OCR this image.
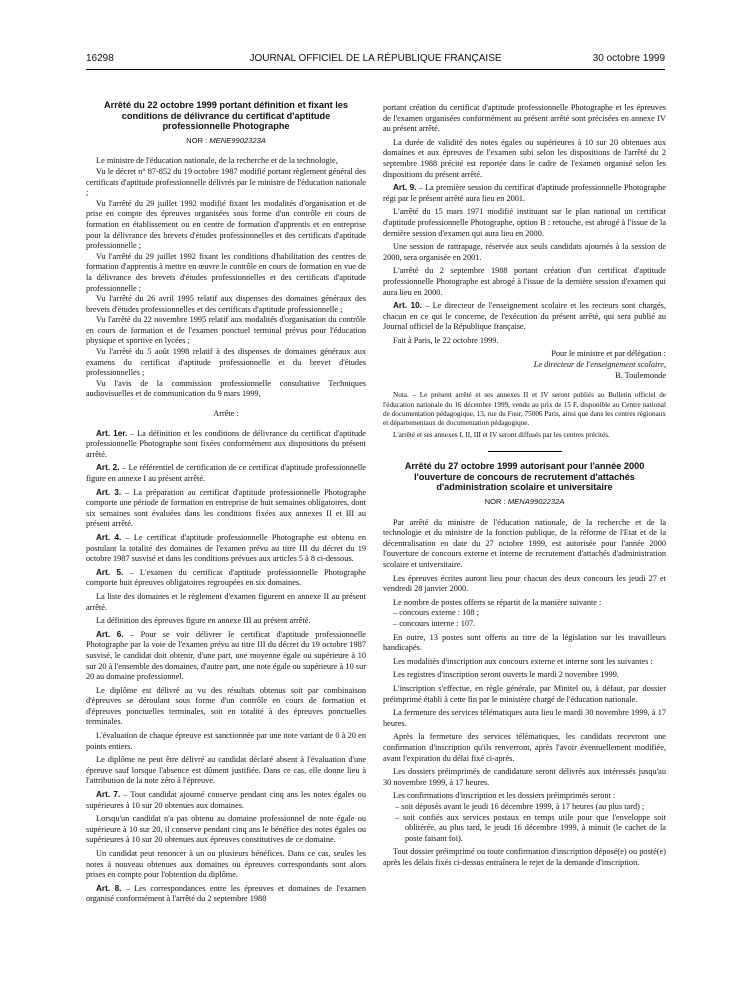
16298	JOURNAL OFFICIEL DE LA RÉPUBLIQUE FRANÇAISE	30 octobre 1999
Arrêté du 22 octobre 1999 portant définition et fixant les conditions de délivrance du certificat d'aptitude professionnelle Photographe
NOR : MENE9902323A

Le ministre de l'éducation nationale, de la recherche et de la technologie,

Vu le décret n° 87-852 du 19 octobre 1987 modifié portant règlement général des certificats d'aptitude professionnelle délivrés par le ministre de l'éducation nationale ;

Vu l'arrêté du 29 juillet 1992 modifié fixant les modalités d'organisation et de prise en compte des épreuves organisées sous forme d'un contrôle en cours de formation en établissement ou en centre de formation d'apprentis et en entreprise pour la délivrance des brevets d'études professionnelles et des certificats d'aptitude professionnelle ;

Vu l'arrêté du 29 juillet 1992 fixant les conditions d'habilitation des centres de formation d'apprentis à mettre en œuvre le contrôle en cours de formation en vue de la délivrance des brevets d'études professionnelles et des certificats d'aptitude professionnelle ;

Vu l'arrêté du 26 avril 1995 relatif aux dispenses des domaines généraux des brevets d'études professionnelles et des certificats d'aptitude professionnelle ;

Vu l'arrêté du 22 novembre 1995 relatif aux modalités d'organisation du contrôle en cours de formation et de l'examen ponctuel terminal prévus pour l'éducation physique et sportive en lycées ;

Vu l'arrêté du 5 août 1998 relatif à des dispenses de domaines généraux aux examens du certificat d'aptitude professionnelle et du brevet d'études professionnelles ;

Vu l'avis de la commission professionnelle consultative Techniques audiovisuelles et de communication du 9 mars 1999,

Arrête :

Art. 1er. – La définition et les conditions de délivrance du certificat d'aptitude professionnelle Photographe sont fixées conformément aux dispositions du présent arrêté.

Art. 2. – Le référentiel de certification de ce certificat d'aptitude professionnelle figure en annexe I au présent arrêté.

Art. 3. – La préparation au certificat d'aptitude professionnelle Photographe comporte une période de formation en entreprise de huit semaines obligatoires, dont six semaines sont évaluées dans les conditions fixées aux annexes II et III au présent arrêté.

Art. 4. – Le certificat d'aptitude professionnelle Photographe est obtenu en postulant la totalité des domaines de l'examen prévu au titre III du décret du 19 octobre 1987 susvisé et dans les conditions prévues aux articles 5 à 8 ci-dessous.

Art. 5. – L'examen du certificat d'aptitude professionnelle Photographe comporte huit épreuves obligatoires regroupées en six domaines.

La liste des domaines et le règlement d'examen figurent en annexe II au présent arrêté.

La définition des épreuves figure en annexe III au présent arrêté.

Art. 6. – Pour se voir délivrer le certificat d'aptitude professionnelle Photographe par la voie de l'examen prévu au titre III du décret du 19 octobre 1987 susvisé, le candidat doit obtenir, d'une part, une moyenne égale ou supérieure à 10 sur 20 à l'ensemble des domaines, d'autre part, une note égale ou supérieure à 10 sur 20 au domaine professionnel.

Le diplôme est délivré au vu des résultats obtenus soit par combinaison d'épreuves se déroulant sous forme d'un contrôle en cours de formation et d'épreuves ponctuelles terminales, soit en totalité à des épreuves ponctuelles terminales.

L'évaluation de chaque épreuve est sanctionnée par une note variant de 0 à 20 en points entiers.

Le diplôme ne peut être délivré au candidat déclaré absent à l'évaluation d'une épreuve sauf lorsque l'absence est dûment justifiée. Dans ce cas, elle donne lieu à l'attribution de la note zéro à l'épreuve.

Art. 7. – Tout candidat ajourné conserve pendant cinq ans les notes égales ou supérieures à 10 sur 20 obtenues aux domaines.

Lorsqu'un candidat n'a pas obtenu au domaine professionnel de note égale ou supérieure à 10 sur 20, il conserve pendant cinq ans le bénéfice des notes égales ou supérieures à 10 sur 20 obtenues aux épreuves constitutives de ce domaine.

Un candidat peut renoncer à un ou plusieurs bénéfices. Dans ce cas, seules les notes à nouveau obtenues aux domaines ou épreuves correspondants sont alors prises en compte pour l'obtention du diplôme.

Art. 8. – Les correspondances entre les épreuves et domaines de l'examen organisé conformément à l'arrêté du 2 septembre 1988

portant création du certificat d'aptitude professionnelle Photographe et les épreuves de l'examen organisées conformément au présent arrêté sont précisées en annexe IV au présent arrêté.

La durée de validité des notes égales ou supérieures à 10 sur 20 obtenues aux domaines et aux épreuves de l'examen subi selon les dispositions de l'arrêté du 2 septembre 1988 précité est reportée dans le cadre de l'examen organisé selon les dispositions du présent arrêté.

Art. 9. – La première session du certificat d'aptitude professionnelle Photographe régi par le présent arrêté aura lieu en 2001.

L'arrêté du 15 mars 1971 modifié instituant sur le plan national un certificat d'aptitude professionnelle Photographe, option B : retouche, est abrogé à l'issue de la dernière session d'examen qui aura lieu en 2000.

Une session de rattrapage, réservée aux seuls candidats ajournés à la session de 2000, sera organisée en 2001.

L'arrêté du 2 septembre 1988 portant création d'un certificat d'aptitude professionnelle Photographe est abrogé à l'issue de la dernière session d'examen qui aura lieu en 2000.

Art. 10. – Le directeur de l'enseignement scolaire et les recteurs sont chargés, chacun en ce qui le concerne, de l'exécution du présent arrêté, qui sera publié au Journal officiel de la République française.

Fait à Paris, le 22 octobre 1999.

Pour le ministre et par délégation :

Le directeur de l'enseignement scolaire,

B. Toulemonde

Nota. – Le présent arrêté et ses annexes II et IV seront publiés au Bulletin officiel de l'éducation nationale du 16 décembre 1999, vendu au prix de 15 F, disponible au Centre national de documentation pédagogique, 13, rue du Four, 75006 Paris, ainsi que dans les centres régionaux et départementaux de documentation pédagogique.

L'arrêté et ses annexes I, II, III et IV seront diffusés par les centres précités.

Arrêté du 27 octobre 1999 autorisant pour l'année 2000 l'ouverture de concours de recrutement d'attachés d'administration scolaire et universitaire
NOR : MENA9902232A

Par arrêté du ministre de l'éducation nationale, de la recherche et de la technologie et du ministre de la fonction publique, de la réforme de l'Etat et de la décentralisation en date du 27 octobre 1999, est autorisée pour l'année 2000 l'ouverture de concours externe et interne de recrutement d'attachés d'administration scolaire et universitaire.

Les épreuves écrites auront lieu pour chacun des deux concours les jeudi 27 et vendredi 28 janvier 2000.

Le nombre de postes offerts se répartit de la manière suivante :

– concours externe : 108 ;

– concours interne : 107.

En outre, 13 postes sont offerts au titre de la législation sur les travailleurs handicapés.

Les modalités d'inscription aux concours externe et interne sont les suivantes :

Les registres d'inscription seront ouverts le mardi 2 novembre 1999.

L'inscription s'effectue, en règle générale, par Minitel ou, à défaut, par dossier préimprimé établi à cette fin par le ministère chargé de l'éducation nationale.

La fermeture des services télématiques aura lieu le mardi 30 novembre 1999, à 17 heures.

Après la fermeture des services télématiques, les candidats recevront une confirmation d'inscription qu'ils renverront, après l'avoir éventuellement modifiée, avant l'expiration du délai fixé ci-après.

Les dossiers préimprimés de candidature seront délivrés aux intéressés jusqu'au 30 novembre 1999, à 17 heures.

Les confirmations d'inscription et les dossiers préimprimés seront :

– soit déposés avant le jeudi 16 décembre 1999, à 17 heures (au plus tard) ;

– soit confiés aux services postaux en temps utile pour que l'enveloppe soit oblitérée, au plus tard, le jeudi 16 décembre 1999, à minuit (le cachet de la poste faisant foi).

Tout dossier préimprimé ou toute confirmation d'inscription déposé(e) ou posté(e) après les délais fixés ci-dessus entraînera le rejet de la demande d'inscription.
